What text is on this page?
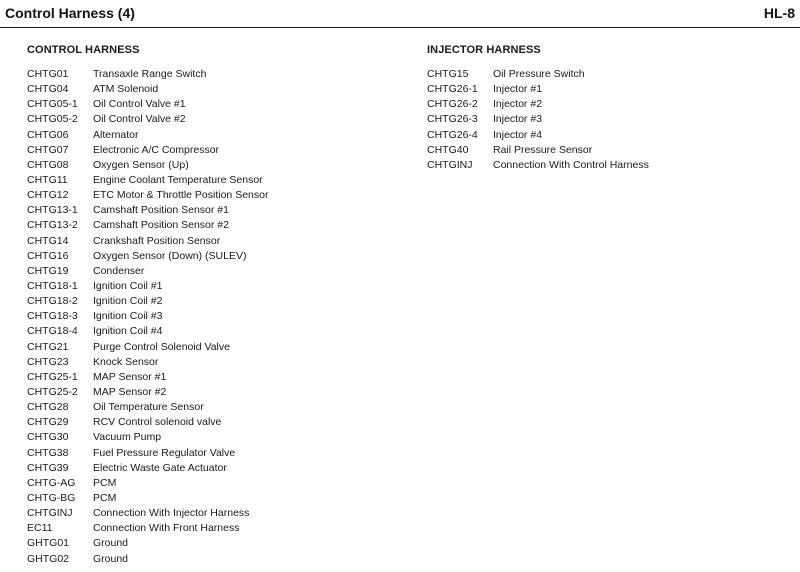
Control Harness (4)	HL-8
CONTROL HARNESS
CHTG01 Transaxle Range Switch
CHTG04 ATM Solenoid
CHTG05-1 Oil Control Valve #1
CHTG05-2 Oil Control Valve #2
CHTG06 Alternator
CHTG07 Electronic A/C Compressor
CHTG08 Oxygen Sensor (Up)
CHTG11 Engine Coolant Temperature Sensor
CHTG12 ETC Motor & Throttle Position Sensor
CHTG13-1 Camshaft Position Sensor #1
CHTG13-2 Camshaft Position Sensor #2
CHTG14 Crankshaft Position Sensor
CHTG16 Oxygen Sensor (Down) (SULEV)
CHTG19 Condenser
CHTG18-1 Ignition Coil #1
CHTG18-2 Ignition Coil #2
CHTG18-3 Ignition Coil #3
CHTG18-4 Ignition Coil #4
CHTG21 Purge Control Solenoid Valve
CHTG23 Knock Sensor
CHTG25-1 MAP Sensor #1
CHTG25-2 MAP Sensor #2
CHTG28 Oil Temperature Sensor
CHTG29 RCV Control solenoid valve
CHTG30 Vacuum Pump
CHTG38 Fuel Pressure Regulator Valve
CHTG39 Electric Waste Gate Actuator
CHTG-AG PCM
CHTG-BG PCM
CHTGINJ Connection With Injector Harness
EC11	Connection With Front Harness
GHTG01 Ground
GHTG02 Ground
INJECTOR HARNESS
CHTG15 Oil Pressure Switch
CHTG26-1 Injector #1
CHTG26-2 Injector #2
CHTG26-3 Injector #3
CHTG26-4 Injector #4
CHTG40 Rail Pressure Sensor
CHTGINJ Connection With Control Harness
